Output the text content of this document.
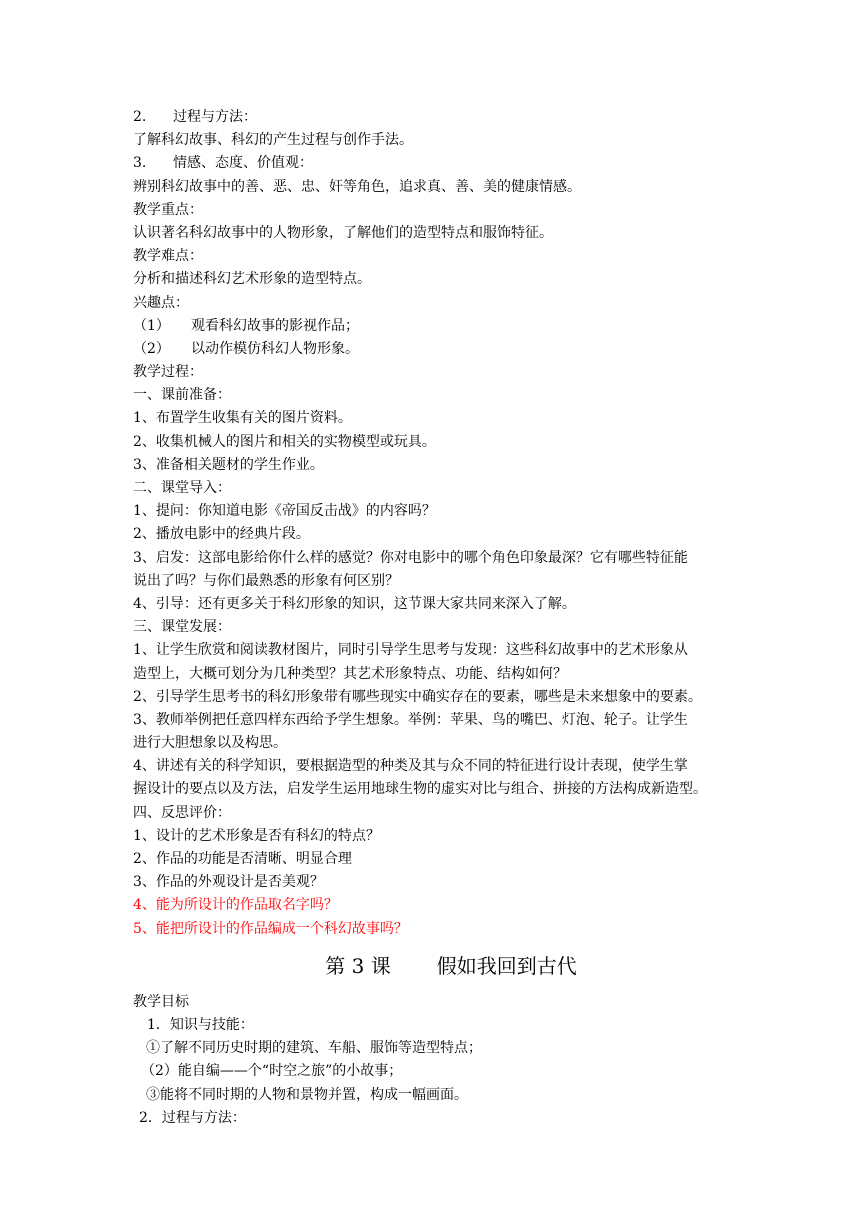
2. 过程与方法：
了解科幻故事、科幻的产生过程与创作手法。
3. 情感、态度、价值观：
辨别科幻故事中的善、恶、忠、奸等角色，追求真、善、美的健康情感。
教学重点：
认识著名科幻故事中的人物形象，了解他们的造型特点和服饰特征。
教学难点：
分析和描述科幻艺术形象的造型特点。
兴趣点：
（1） 观看科幻故事的影视作品；
（2） 以动作模仿科幻人物形象。
教学过程：
一、课前准备：
1、布置学生收集有关的图片资料。
2、收集机械人的图片和相关的实物模型或玩具。
3、准备相关题材的学生作业。
二、课堂导入：
1、提问：你知道电影《帝国反击战》的内容吗？
2、播放电影中的经典片段。
3、启发：这部电影给你什么样的感觉？你对电影中的哪个角色印象最深？它有哪些特征能
说出了吗？与你们最熟悉的形象有何区别？
4、引导：还有更多关于科幻形象的知识，这节课大家共同来深入了解。
三、课堂发展：
1、让学生欣赏和阅读教材图片，同时引导学生思考与发现：这些科幻故事中的艺术形象从
造型上，大概可划分为几种类型？其艺术形象特点、功能、结构如何？
2、引导学生思考书的科幻形象带有哪些现实中确实存在的要素，哪些是未来想象中的要素。
3、教师举例把任意四样东西给予学生想象。举例：苹果、鸟的嘴巴、灯泡、轮子。让学生
进行大胆想象以及构思。
4、讲述有关的科学知识，要根据造型的种类及其与众不同的特征进行设计表现，使学生掌
握设计的要点以及方法，启发学生运用地球生物的虚实对比与组合、拼接的方法构成新造型。
四、反思评价：
1、设计的艺术形象是否有科幻的特点？
2、作品的功能是否清晰、明显合理
3、作品的外观设计是否美观？
4、能为所设计的作品取名字吗？
5、能把所设计的作品编成一个科幻故事吗？
第 3 课 假如我回到古代
教学目标
1．知识与技能：
①了解不同历史时期的建筑、车船、服饰等造型特点；
（2）能自编——个“时空之旅”的小故事；
③能将不同时期的人物和景物并置，构成一幅画面。
2．过程与方法：
